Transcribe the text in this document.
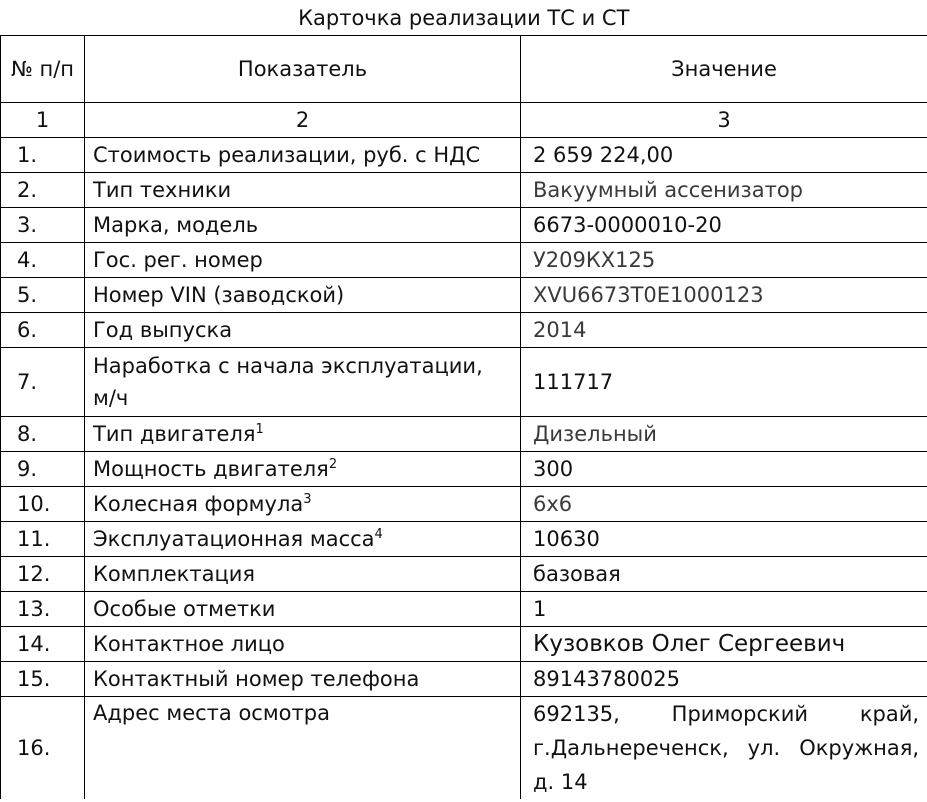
Карточка реализации ТС и СТ		
№ п/п	Показатель	Значение
1	2	3
1.	Стоимость реализации, руб. с НДС	2 659 224,00
2.	Тип техники	Вакуумный ассенизатор
3.	Марка, модель	6673-0000010-20
4.	Гос. рег. номер	У209КХ125
5.	Номер VIN (заводской)	XVU6673T0E1000123
6.	Год выпуска	2014
7.	Наработка с начала эксплуатации, м/ч	111717
8.	Тип двигателя$^1$	Дизельный
9.	Мощность двигателя$^2$	300
10.	Колесная формула$^3$	6х6
11.	Эксплуатационная масса$^4$	10630
12.	Комплектация	базовая
13.	Особые отметки	1
14.	Контактное лицо	Кузовков Олег Сергеевич
15.	Контактный номер телефона	89143780025
16.	Адрес места осмотра	692135, Приморский край, г.Дальнереченск, ул. Окружная, д. 14
